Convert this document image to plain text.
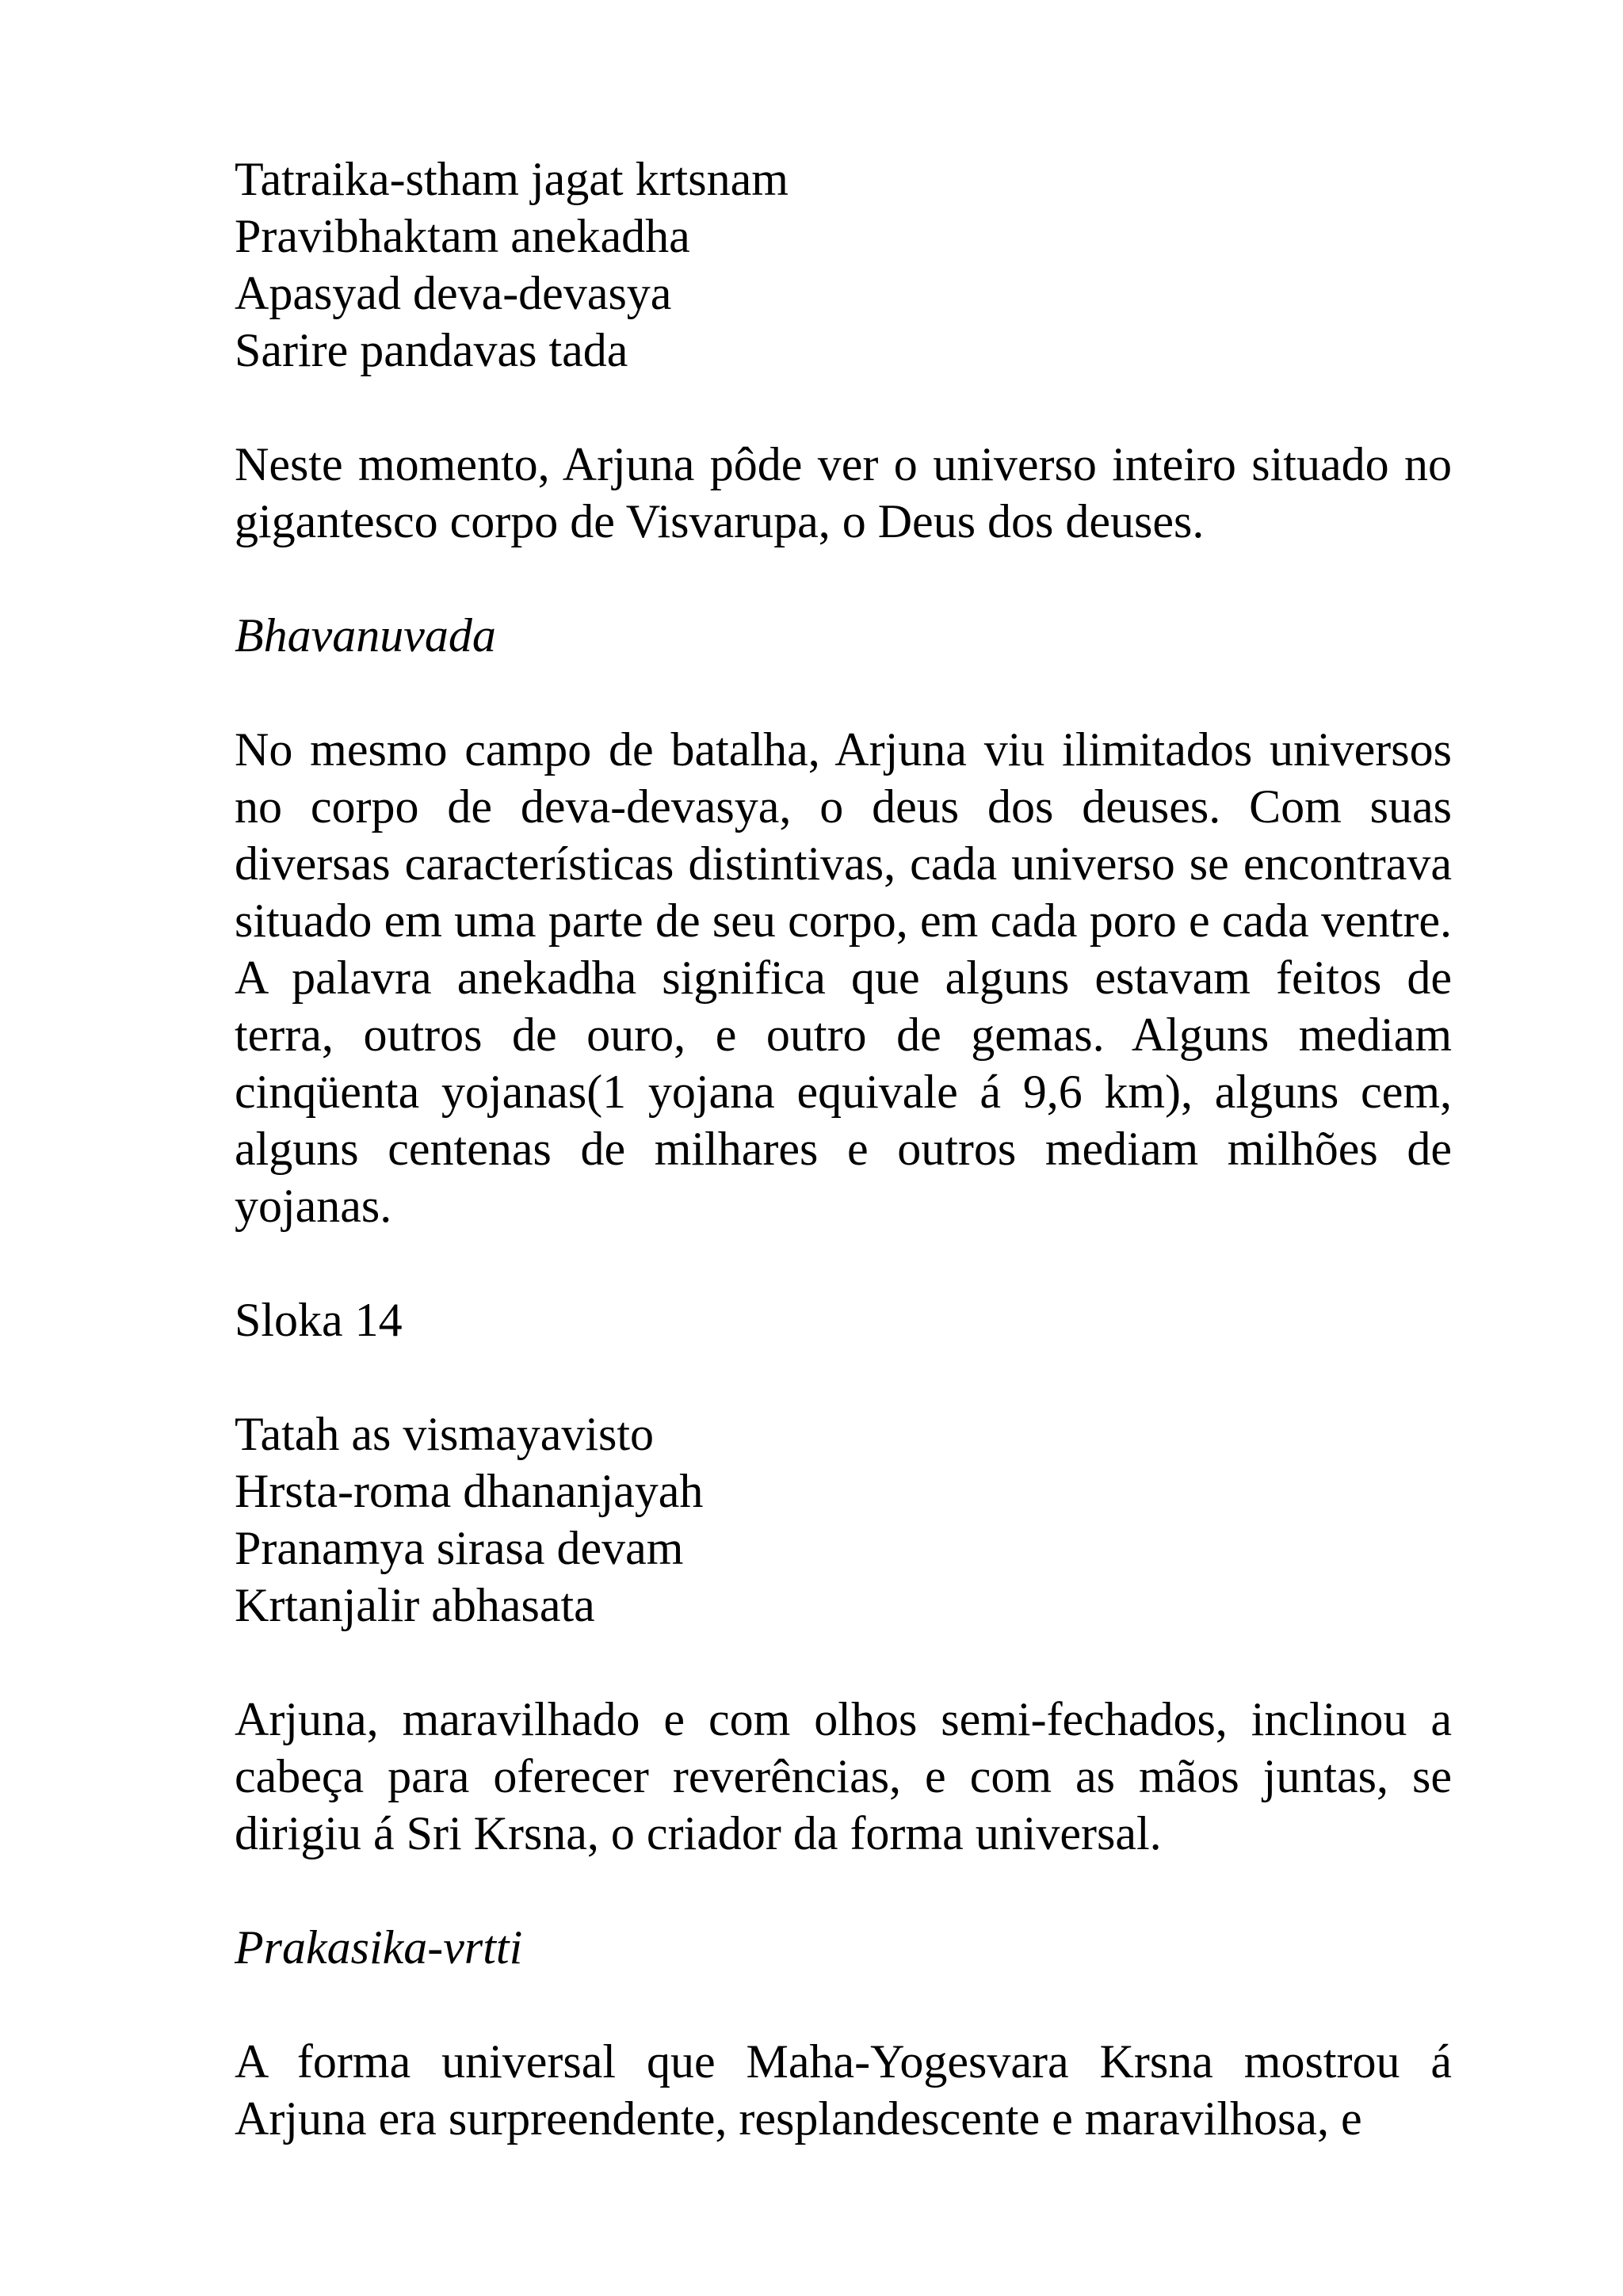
Tatraika-stham jagat krtsnam
Pravibhaktam anekadha
Apasyad deva-devasya
Sarire pandavas tada

Neste momento, Arjuna pôde ver o universo inteiro situado no gigantesco corpo de Visvarupa, o Deus dos deuses.

Bhavanuvada

No mesmo campo de batalha, Arjuna viu ilimitados universos no corpo de deva-devasya, o deus dos deuses. Com suas diversas características distintivas, cada universo se encontrava situado em uma parte de seu corpo, em cada poro e cada ventre. A palavra anekadha significa que alguns estavam feitos de terra, outros de ouro, e outro de gemas. Alguns mediam cinqüenta yojanas(1 yojana equivale á 9,6 km), alguns cem, alguns centenas de milhares e outros mediam milhões de yojanas.

Sloka 14

Tatah as vismayavisto
Hrsta-roma dhananjayah
Pranamya sirasa devam
Krtanjalir abhasata

Arjuna, maravilhado e com olhos semi-fechados, inclinou a cabeça para oferecer reverências, e com as mãos juntas, se dirigiu á Sri Krsna, o criador da forma universal.

Prakasika-vrtti

A forma universal que Maha-Yogesvara Krsna mostrou á Arjuna era surpreendente, resplandescente e maravilhosa, e
